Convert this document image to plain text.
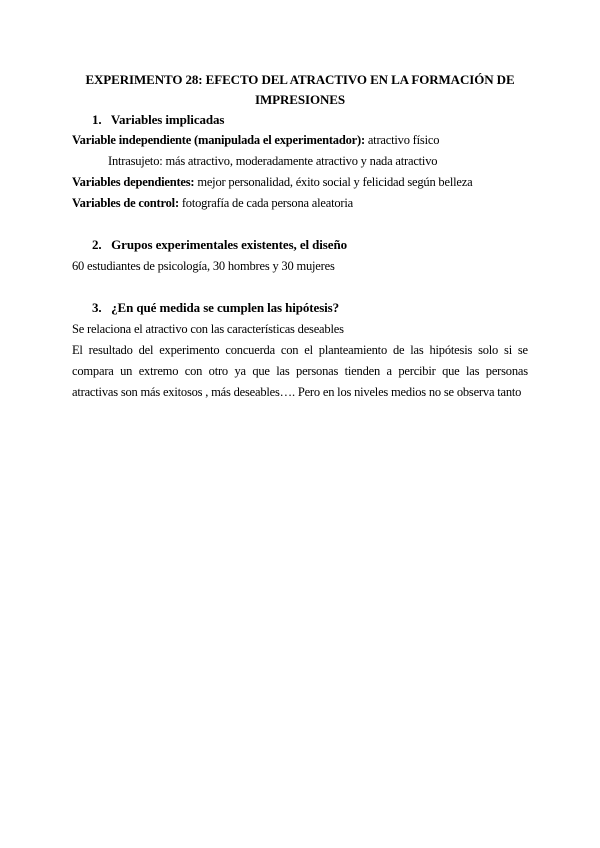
EXPERIMENTO 28: EFECTO DEL ATRACTIVO EN LA FORMACIÓN DE IMPRESIONES
1. Variables implicadas
Variable independiente (manipulada el experimentador): atractivo físico
Intrasujeto: más atractivo, moderadamente atractivo y nada atractivo
Variables dependientes: mejor personalidad, éxito social y felicidad según belleza
Variables de control: fotografía de cada persona aleatoria
2. Grupos experimentales existentes, el diseño
60 estudiantes de psicología, 30 hombres y 30 mujeres
3. ¿En qué medida se cumplen las hipótesis?
Se relaciona el atractivo con las características deseables
El resultado del experimento concuerda con el planteamiento de las hipótesis solo si se
compara un extremo con otro ya que las personas tienden a percibir que las personas
atractivas son más exitosos , más deseables…. Pero en los niveles medios no se observa tanto
